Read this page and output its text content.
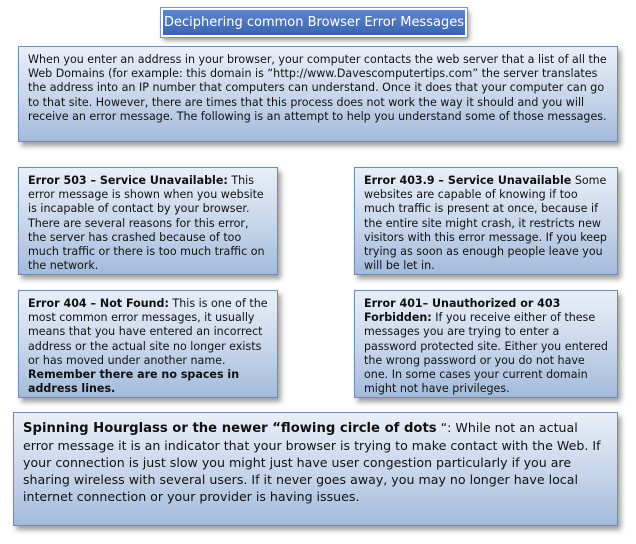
Deciphering common Browser Error Messages
When you enter an address in your browser, your computer contacts the web server that a list of all the Web Domains (for example: this domain is “http://www.Davescomputertips.com” the server translates the address into an IP number that computers can understand. Once it does that your computer can go to that site. However, there are times that this process does not work the way it should and you will receive an error message. The following is an attempt to help you understand some of those messages.
Error 503 – Service Unavailable: This error message is shown when you website is incapable of contact by your browser. There are several reasons for this error, the server has crashed because of too much traffic or there is too much traffic on the network.
Error 403.9 – Service Unavailable Some websites are capable of knowing if too much traffic is present at once, because if the entire site might crash, it restricts new visitors with this error message. If you keep trying as soon as enough people leave you will be let in.
Error 404 – Not Found: This is one of the most common error messages, it usually means that you have entered an incorrect address or the actual site no longer exists or has moved under another name. Remember there are no spaces in address lines.
Error 401– Unauthorized or 403 Forbidden: If you receive either of these messages you are trying to enter a password protected site. Either you entered the wrong password or you do not have one. In some cases your current domain might not have privileges.
Spinning Hourglass or the newer “flowing circle of dots “: While not an actual error message it is an indicator that your browser is trying to make contact with the Web. If your connection is just slow you might just have user congestion particularly if you are sharing wireless with several users. If it never goes away, you may no longer have local internet connection or your provider is having issues.
